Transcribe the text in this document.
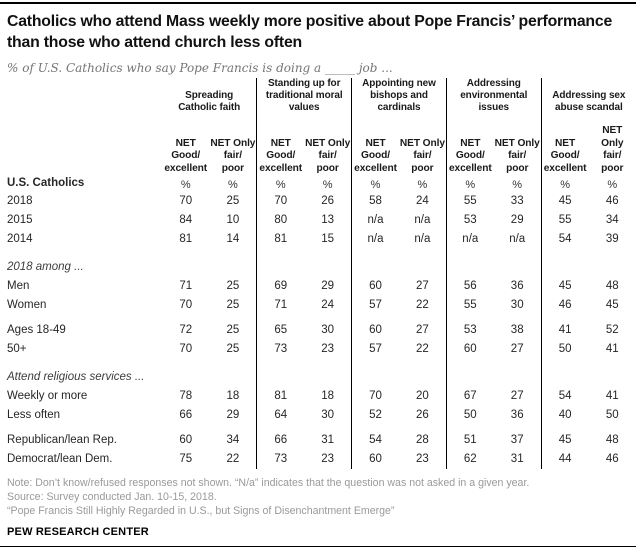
Catholics who attend Mass weekly more positive about Pope Francis’ performance
than those who attend church less often
% of U.S. Catholics who say Pope Francis is doing a _____ job ...
	Spreading
Catholic faith		Standing up for
traditional moral
values		Appointing new
bishops and
cardinals		Addressing
environmental
issues		Addressing sex
abuse scandal	
	NET
Good/
excellent	NET Only
fair/
poor	NET
Good/
excellent	NET Only
fair/
poor	NET
Good/
excellent	NET Only
fair/
poor	NET
Good/
excellent	NET Only
fair/
poor	NET
Good/
excellent	NET
Only
fair/
poor
U.S. Catholics	%	%	%	%	%	%	%	%	%	%
2018	70	25	70	26	58	24	55	33	45	46
2015	84	10	80	13	n/a	n/a	53	29	55	34
2014	81	14	81	15	n/a	n/a	n/a	n/a	54	39

2018 among ...										
Men	71	25	69	29	60	27	56	36	45	48
Women	70	25	71	24	57	22	55	30	46	45

Ages 18-49	72	25	65	30	60	27	53	38	41	52
50+	70	25	73	23	57	22	60	27	50	41

Attend religious services ...										
Weekly or more	78	18	81	18	70	20	67	27	54	41
Less often	66	29	64	30	52	26	50	36	40	50

Republican/lean Rep.	60	34	66	31	54	28	51	37	45	48
Democrat/lean Dem.	75	22	73	23	60	23	62	31	44	46
Note: Don’t know/refused responses not shown. “N/a” indicates that the question was not asked in a given year.
Source: Survey conducted Jan. 10-15, 2018.
“Pope Francis Still Highly Regarded in U.S., but Signs of Disenchantment Emerge”
PEW RESEARCH CENTER
